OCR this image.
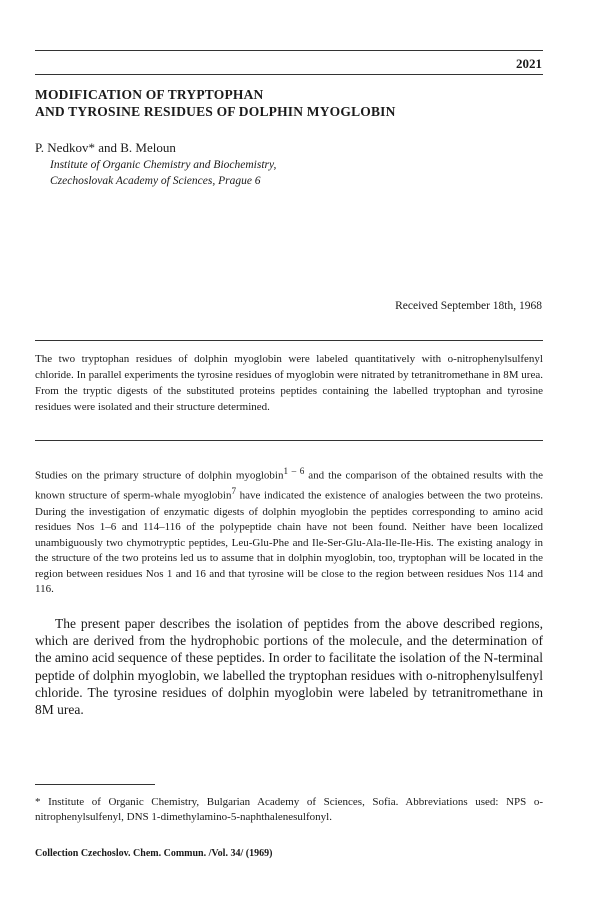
2021
MODIFICATION OF TRYPTOPHAN
AND TYROSINE RESIDUES OF DOLPHIN MYOGLOBIN
P. Nedkov* and B. Meloun
Institute of Organic Chemistry and Biochemistry,
Czechoslovak Academy of Sciences, Prague 6
Received September 18th, 1968

The two tryptophan residues of dolphin myoglobin were labeled quantitatively with o-nitrophenylsulfenyl chloride. In parallel experiments the tyrosine residues of myoglobin were nitrated by tetranitromethane in 8M urea. From the tryptic digests of the substituted proteins peptides containing the labelled tryptophan and tyrosine residues were isolated and their structure determined.

Studies on the primary structure of dolphin myoglobin$^{1 - 6}$ and the comparison of the obtained results with the known structure of sperm-whale myoglobin$^7$ have indicated the existence of analogies between the two proteins. During the investigation of enzymatic digests of dolphin myoglobin the peptides corresponding to amino acid residues Nos 1–6 and 114–116 of the polypeptide chain have not been found. Neither have been localized unambiguously two chymotryptic peptides, Leu-Glu-Phe and Ile-Ser-Glu-Ala-Ile-Ile-His. The existing analogy in the structure of the two proteins led us to assume that in dolphin myoglobin, too, tryptophan will be located in the region between residues Nos 1 and 16 and that tyrosine will be close to the region between residues Nos 114 and 116.

The present paper describes the isolation of peptides from the above described regions, which are derived from the hydrophobic portions of the molecule, and the determination of the amino acid sequence of these peptides. In order to facilitate the isolation of the N-terminal peptide of dolphin myoglobin, we labelled the tryptophan residues with o-nitrophenylsulfenyl chloride. The tyrosine residues of dolphin myoglobin were labeled by tetranitromethane in 8M urea.

* Institute of Organic Chemistry, Bulgarian Academy of Sciences, Sofia. Abbreviations used: NPS o-nitrophenylsulfenyl, DNS 1-dimethylamino-5-naphthalenesulfonyl.

Collection Czechoslov. Chem. Commun. /Vol. 34/ (1969)
